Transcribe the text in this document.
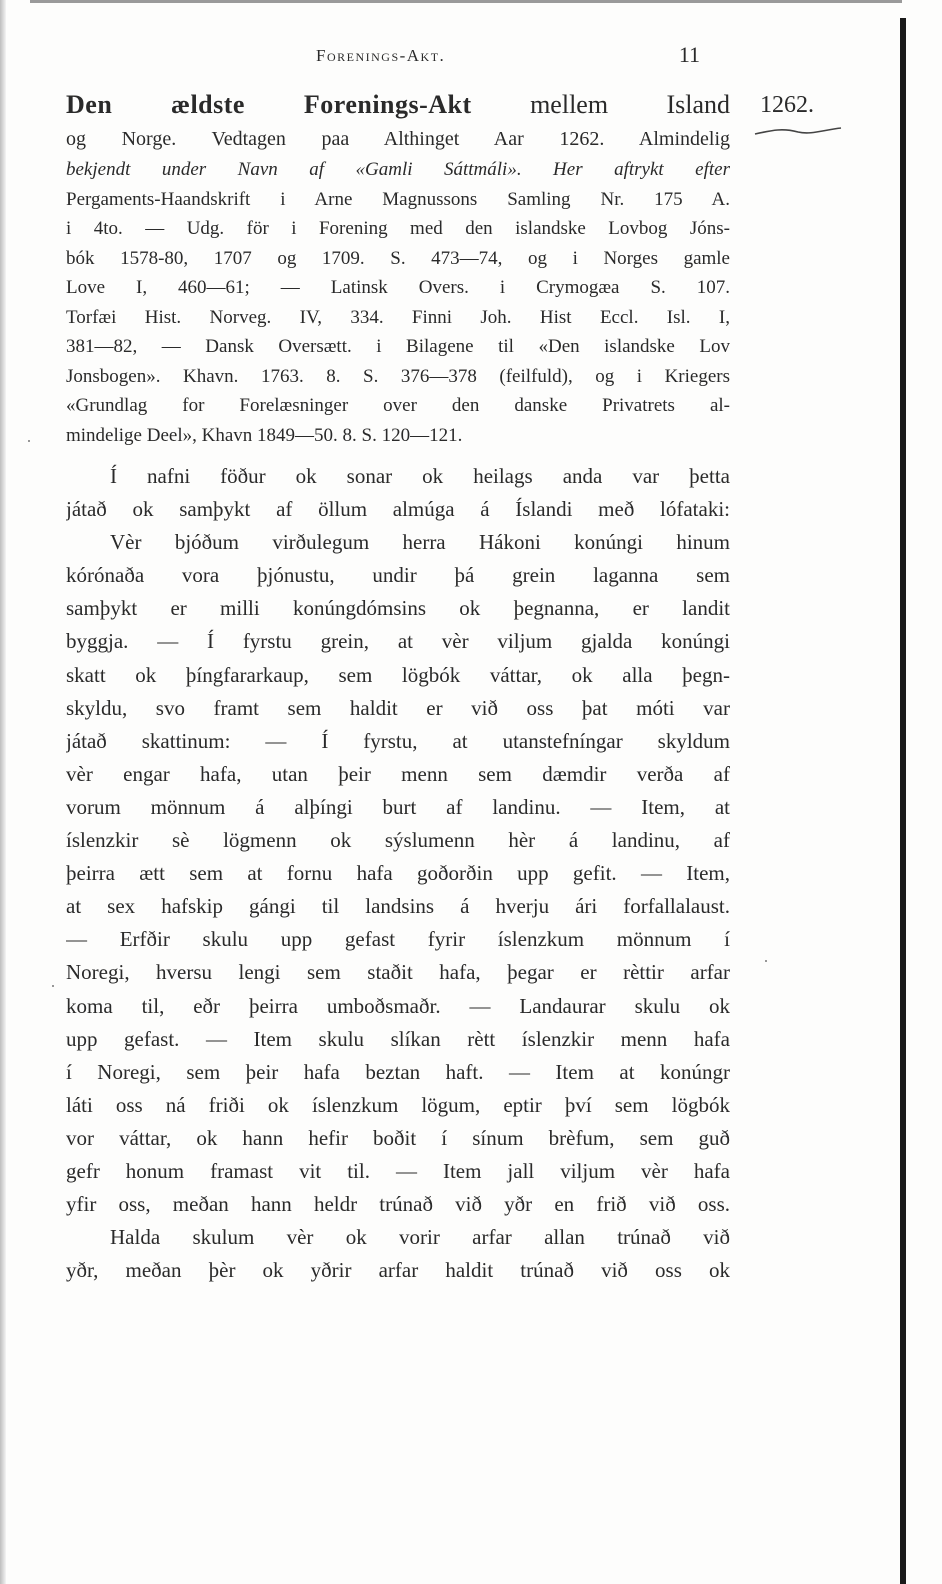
Forenings-Akt.	11
1262.
Den ældste Forenings-Akt mellem Island
og Norge. Vedtagen paa Althinget Aar 1262. Almindelig
bekjendt under Navn af «Gamli Sáttmáli». Her aftrykt efter
Pergaments-Haandskrift i Arne Magnussons Samling Nr. 175 A.
i 4to. — Udg. för i Forening med den islandske Lovbog Jóns-
bók 1578-80, 1707 og 1709. S. 473—74, og i Norges gamle
Love I, 460—61; — Latinsk Overs. i Crymogæa S. 107.
Torfæi Hist. Norveg. IV, 334. Finni Joh. Hist Eccl. Isl. I,
381—82, — Dansk Oversætt. i Bilagene til «Den islandske Lov
Jonsbogen». Khavn. 1763. 8. S. 376—378 (feilfuld), og i Kriegers
«Grundlag for Forelæsninger over den danske Privatrets al-
mindelige Deel», Khavn 1849—50. 8. S. 120—121.
Í nafni föður ok sonar ok heilags anda var þetta
játað ok samþykt af öllum almúga á Íslandi með lófataki:
Vèr bjóðum virðulegum herra Hákoni konúngi hinum
kórónaða vora þjónustu, undir þá grein laganna sem
samþykt er milli konúngdómsins ok þegnanna, er landit
byggja. — Í fyrstu grein, at vèr viljum gjalda konúngi
skatt ok þíngfararkaup, sem lögbók váttar, ok alla þegn-
skyldu, svo framt sem haldit er við oss þat móti var
játað skattinum: — Í fyrstu, at utanstefníngar skyldum
vèr engar hafa, utan þeir menn sem dæmdir verða af
vorum mönnum á alþíngi burt af landinu. — Item, at
íslenzkir sè lögmenn ok sýslumenn hèr á landinu, af
þeirra ætt sem at fornu hafa goðorðin upp gefit. — Item,
at sex hafskip gángi til landsins á hverju ári forfallalaust.
— Erfðir skulu upp gefast fyrir íslenzkum mönnum í
Noregi, hversu lengi sem staðit hafa, þegar er rèttir arfar
koma til, eðr þeirra umboðsmaðr. — Landaurar skulu ok
upp gefast. — Item skulu slíkan rètt íslenzkir menn hafa
í Noregi, sem þeir hafa beztan haft. — Item at konúngr
láti oss ná friði ok íslenzkum lögum, eptir því sem lögbók
vor váttar, ok hann hefir boðit í sínum brèfum, sem guð
gefr honum framast vit til. — Item jall viljum vèr hafa
yfir oss, meðan hann heldr trúnað við yðr en frið við oss.
Halda skulum vèr ok vorir arfar allan trúnað við
yðr, meðan þèr ok yðrir arfar haldit trúnað við oss ok
